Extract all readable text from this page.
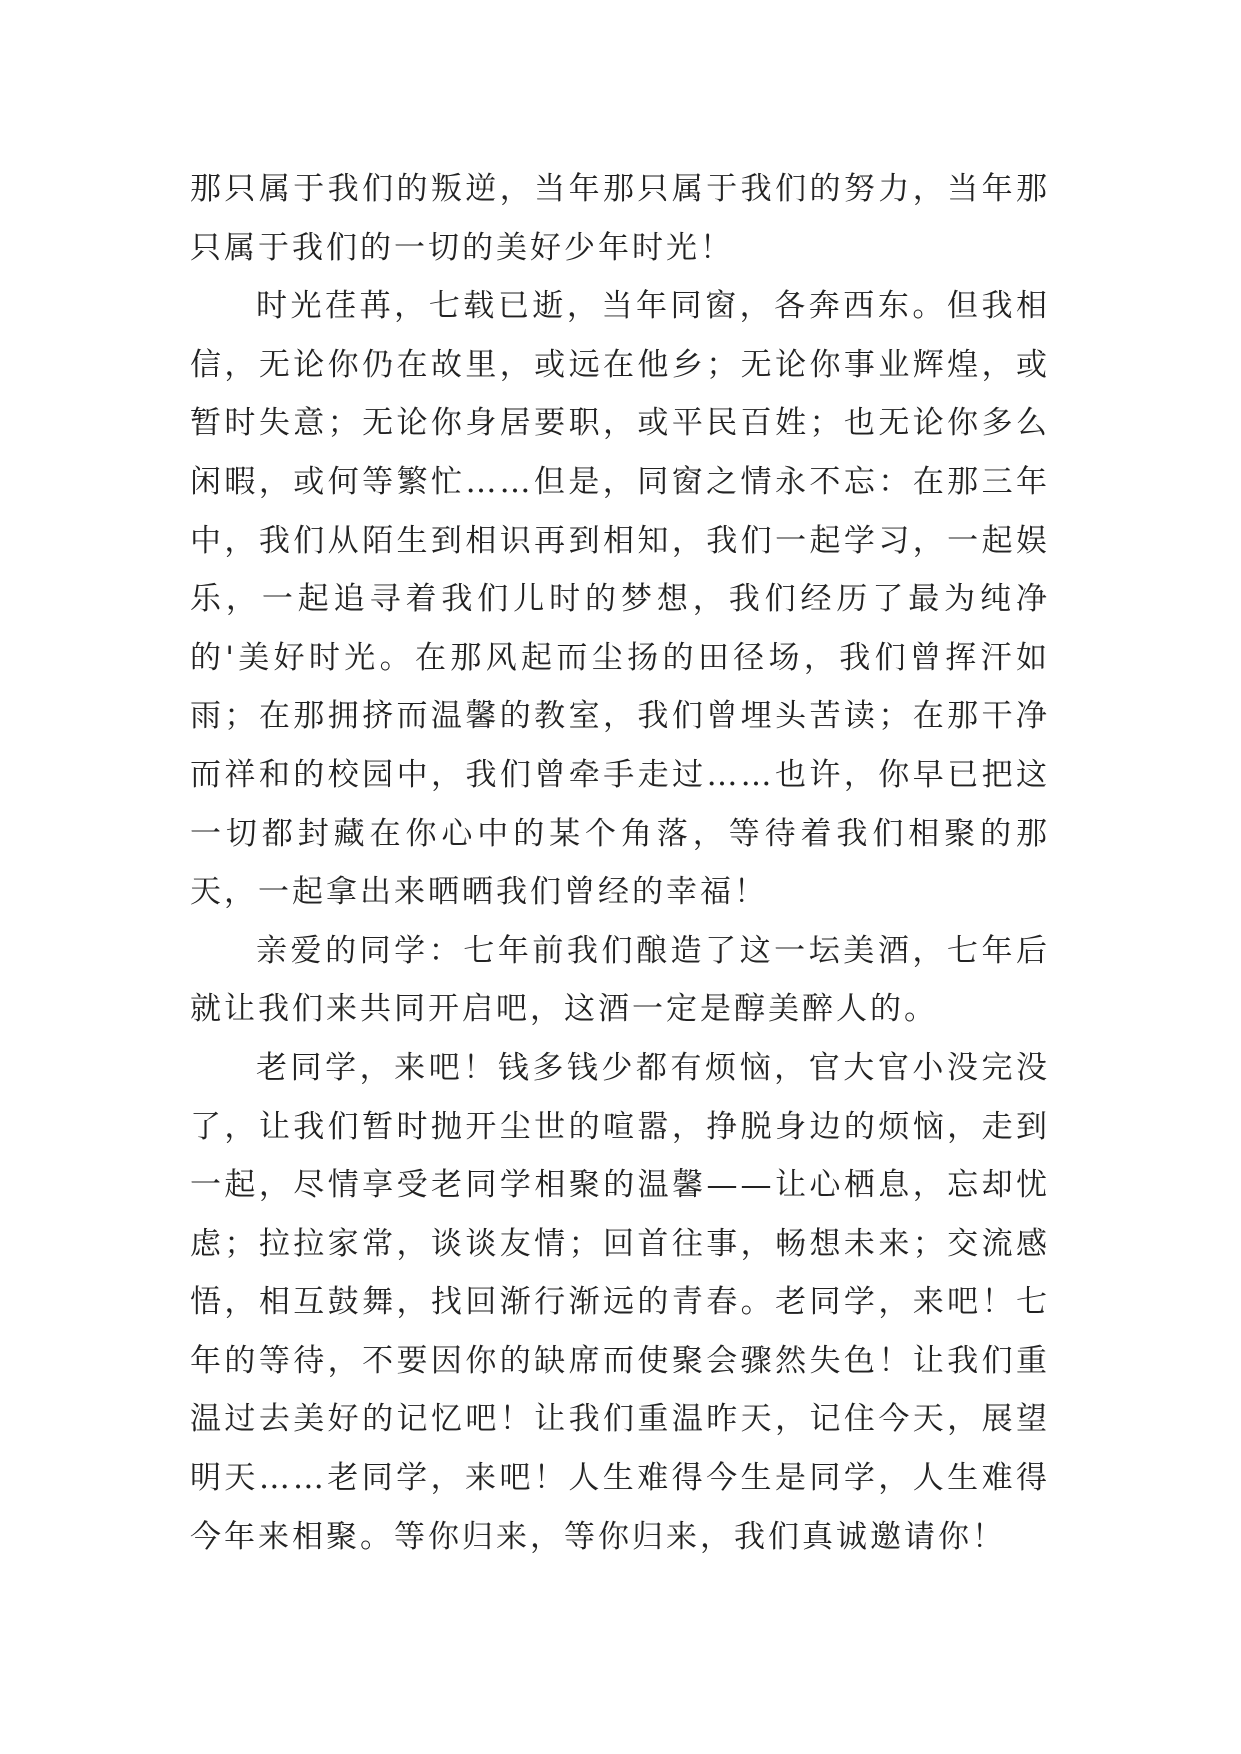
那只属于我们的叛逆，当年那只属于我们的努力，当年那只属于我们的一切的美好少年时光！

时光荏苒，七载已逝，当年同窗，各奔西东。但我相信，无论你仍在故里，或远在他乡；无论你事业辉煌，或暂时失意；无论你身居要职，或平民百姓；也无论你多么闲暇，或何等繁忙……但是，同窗之情永不忘：在那三年中，我们从陌生到相识再到相知，我们一起学习，一起娱乐，一起追寻着我们儿时的梦想，我们经历了最为纯净的'美好时光。在那风起而尘扬的田径场，我们曾挥汗如雨；在那拥挤而温馨的教室，我们曾埋头苦读；在那干净而祥和的校园中，我们曾牵手走过……也许，你早已把这一切都封藏在你心中的某个角落，等待着我们相聚的那天，一起拿出来晒晒我们曾经的幸福！

亲爱的同学：七年前我们酿造了这一坛美酒，七年后就让我们来共同开启吧，这酒一定是醇美醉人的。

老同学，来吧！钱多钱少都有烦恼，官大官小没完没了，让我们暂时抛开尘世的喧嚣，挣脱身边的烦恼，走到一起，尽情享受老同学相聚的温馨——让心栖息，忘却忧虑；拉拉家常，谈谈友情；回首往事，畅想未来；交流感悟，相互鼓舞，找回渐行渐远的青春。老同学，来吧！七年的等待，不要因你的缺席而使聚会骤然失色！让我们重温过去美好的记忆吧！让我们重温昨天，记住今天，展望明天……老同学，来吧！人生难得今生是同学，人生难得今年来相聚。等你归来，等你归来，我们真诚邀请你！
